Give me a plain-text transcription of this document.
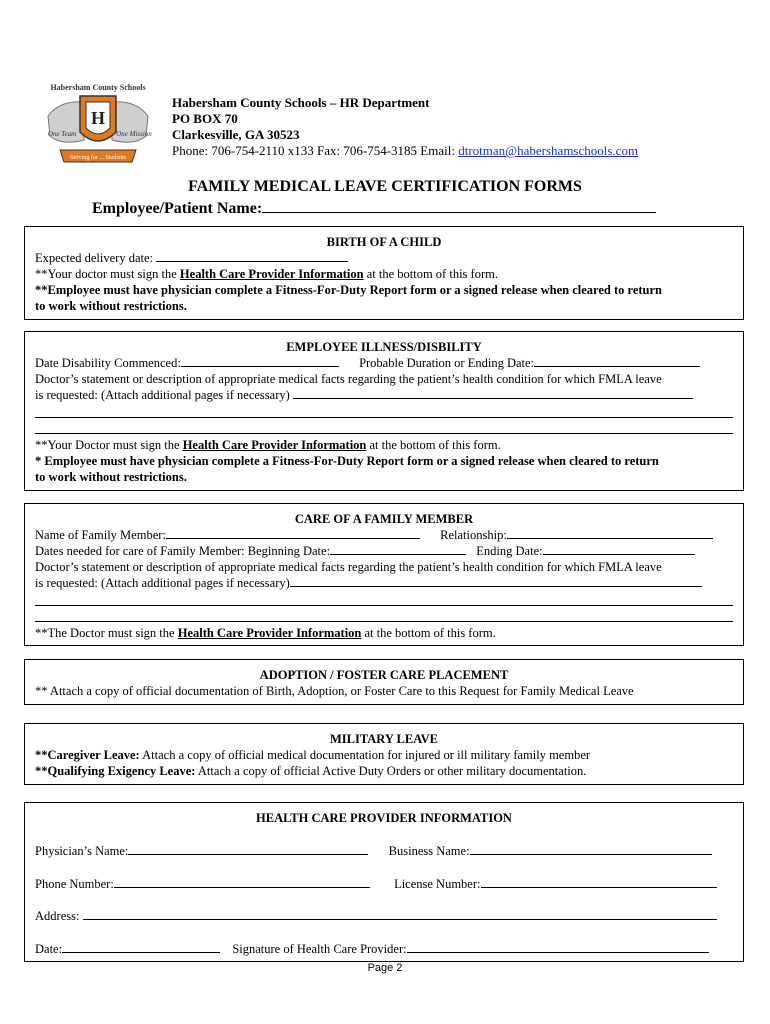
Habersham County Schools
H
One Team	One Mission
Striving for ... Students
Habersham County Schools – HR Department
PO BOX 70
Clarkesville, GA 30523
Phone: 706-754-2110 x133 Fax: 706-754-3185 Email: dtrotman@habershamschools.com
FAMILY MEDICAL LEAVE CERTIFICATION FORMS
Employee/Patient Name:
BIRTH OF A CHILD
Expected delivery date:
**Your doctor must sign the Health Care Provider Information at the bottom of this form.
**Employee must have physician complete a Fitness-For-Duty Report form or a signed release when cleared to return
to work without restrictions.
EMPLOYEE ILLNESS/DISBILITY
Date Disability Commenced:	Probable Duration or Ending Date:
Doctor’s statement or description of appropriate medical facts regarding the patient’s health condition for which FMLA leave
is requested: (Attach additional pages if necessary)
**Your Doctor must sign the Health Care Provider Information at the bottom of this form.
* Employee must have physician complete a Fitness-For-Duty Report form or a signed release when cleared to return
to work without restrictions.
CARE OF A FAMILY MEMBER
Name of Family Member:	Relationship:
Dates needed for care of Family Member: Beginning Date:	Ending Date:
Doctor’s statement or description of appropriate medical facts regarding the patient’s health condition for which FMLA leave
is requested: (Attach additional pages if necessary)
**The Doctor must sign the Health Care Provider Information at the bottom of this form.
ADOPTION / FOSTER CARE PLACEMENT
** Attach a copy of official documentation of Birth, Adoption, or Foster Care to this Request for Family Medical Leave
MILITARY LEAVE
**Caregiver Leave: Attach a copy of official medical documentation for injured or ill military family member
**Qualifying Exigency Leave: Attach a copy of official Active Duty Orders or other military documentation.
HEALTH CARE PROVIDER INFORMATION
Physician’s Name:	Business Name:
Phone Number:	License Number:
Address:
Date:	Signature of Health Care Provider:
Page 2
